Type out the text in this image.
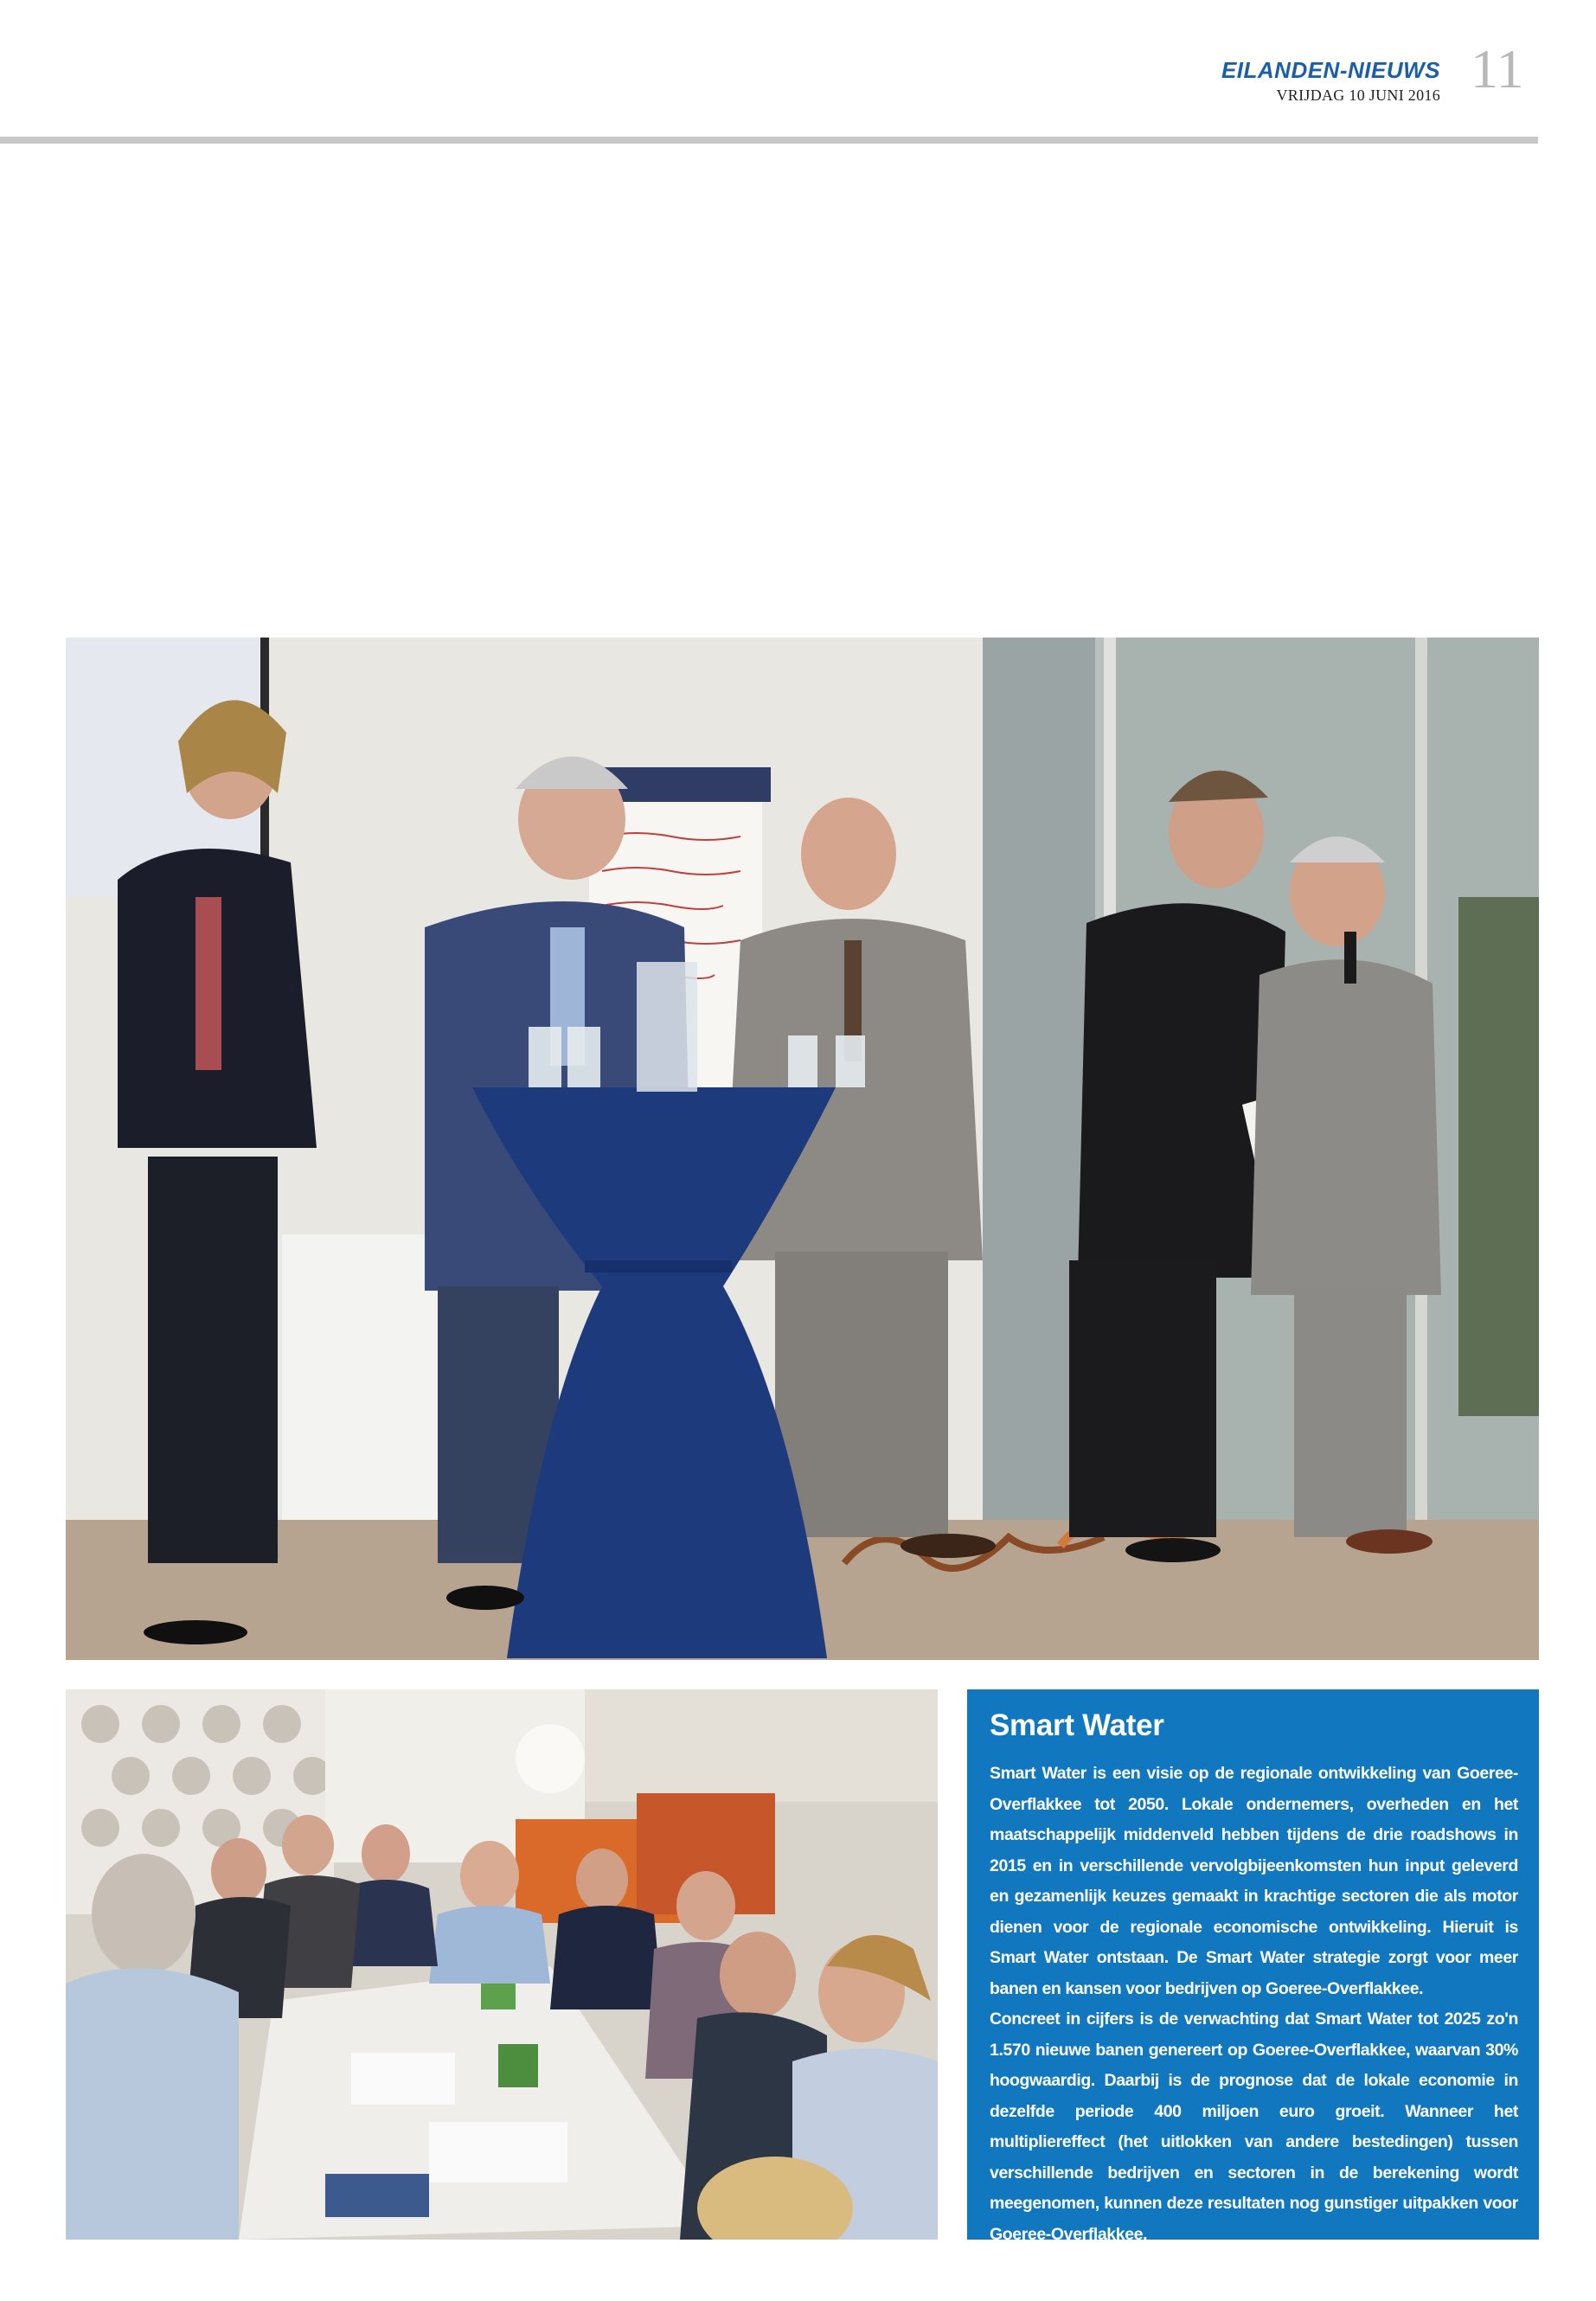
EILANDEN-NIEUWS
VRIJDAG 10 JUNI 2016 11
Smart Water

Smart Water is een visie op de regionale ontwikkeling van Goeree-Overflakkee tot 2050. Lokale ondernemers, overheden en het maatschappelijk middenveld hebben tijdens de drie roadshows in 2015 en in verschillende vervolgbijeenkomsten hun input geleverd en gezamenlijk keuzes gemaakt in krachtige sectoren die als motor dienen voor de regionale economische ontwikkeling. Hieruit is Smart Water ontstaan. De Smart Water strategie zorgt voor meer banen en kansen voor bedrijven op Goeree-Overflakkee.

Concreet in cijfers is de verwachting dat Smart Water tot 2025 zo'n 1.570 nieuwe banen genereert op Goeree-Overflakkee, waarvan 30% hoogwaardig. Daarbij is de prognose dat de lokale economie in dezelfde periode 400 miljoen euro groeit. Wanneer het multipliereffect (het uitlokken van andere bestedingen) tussen verschillende bedrijven en sectoren in de berekening wordt meegenomen, kunnen deze resultaten nog gunstiger uitpakken voor Goeree-Overflakkee.
